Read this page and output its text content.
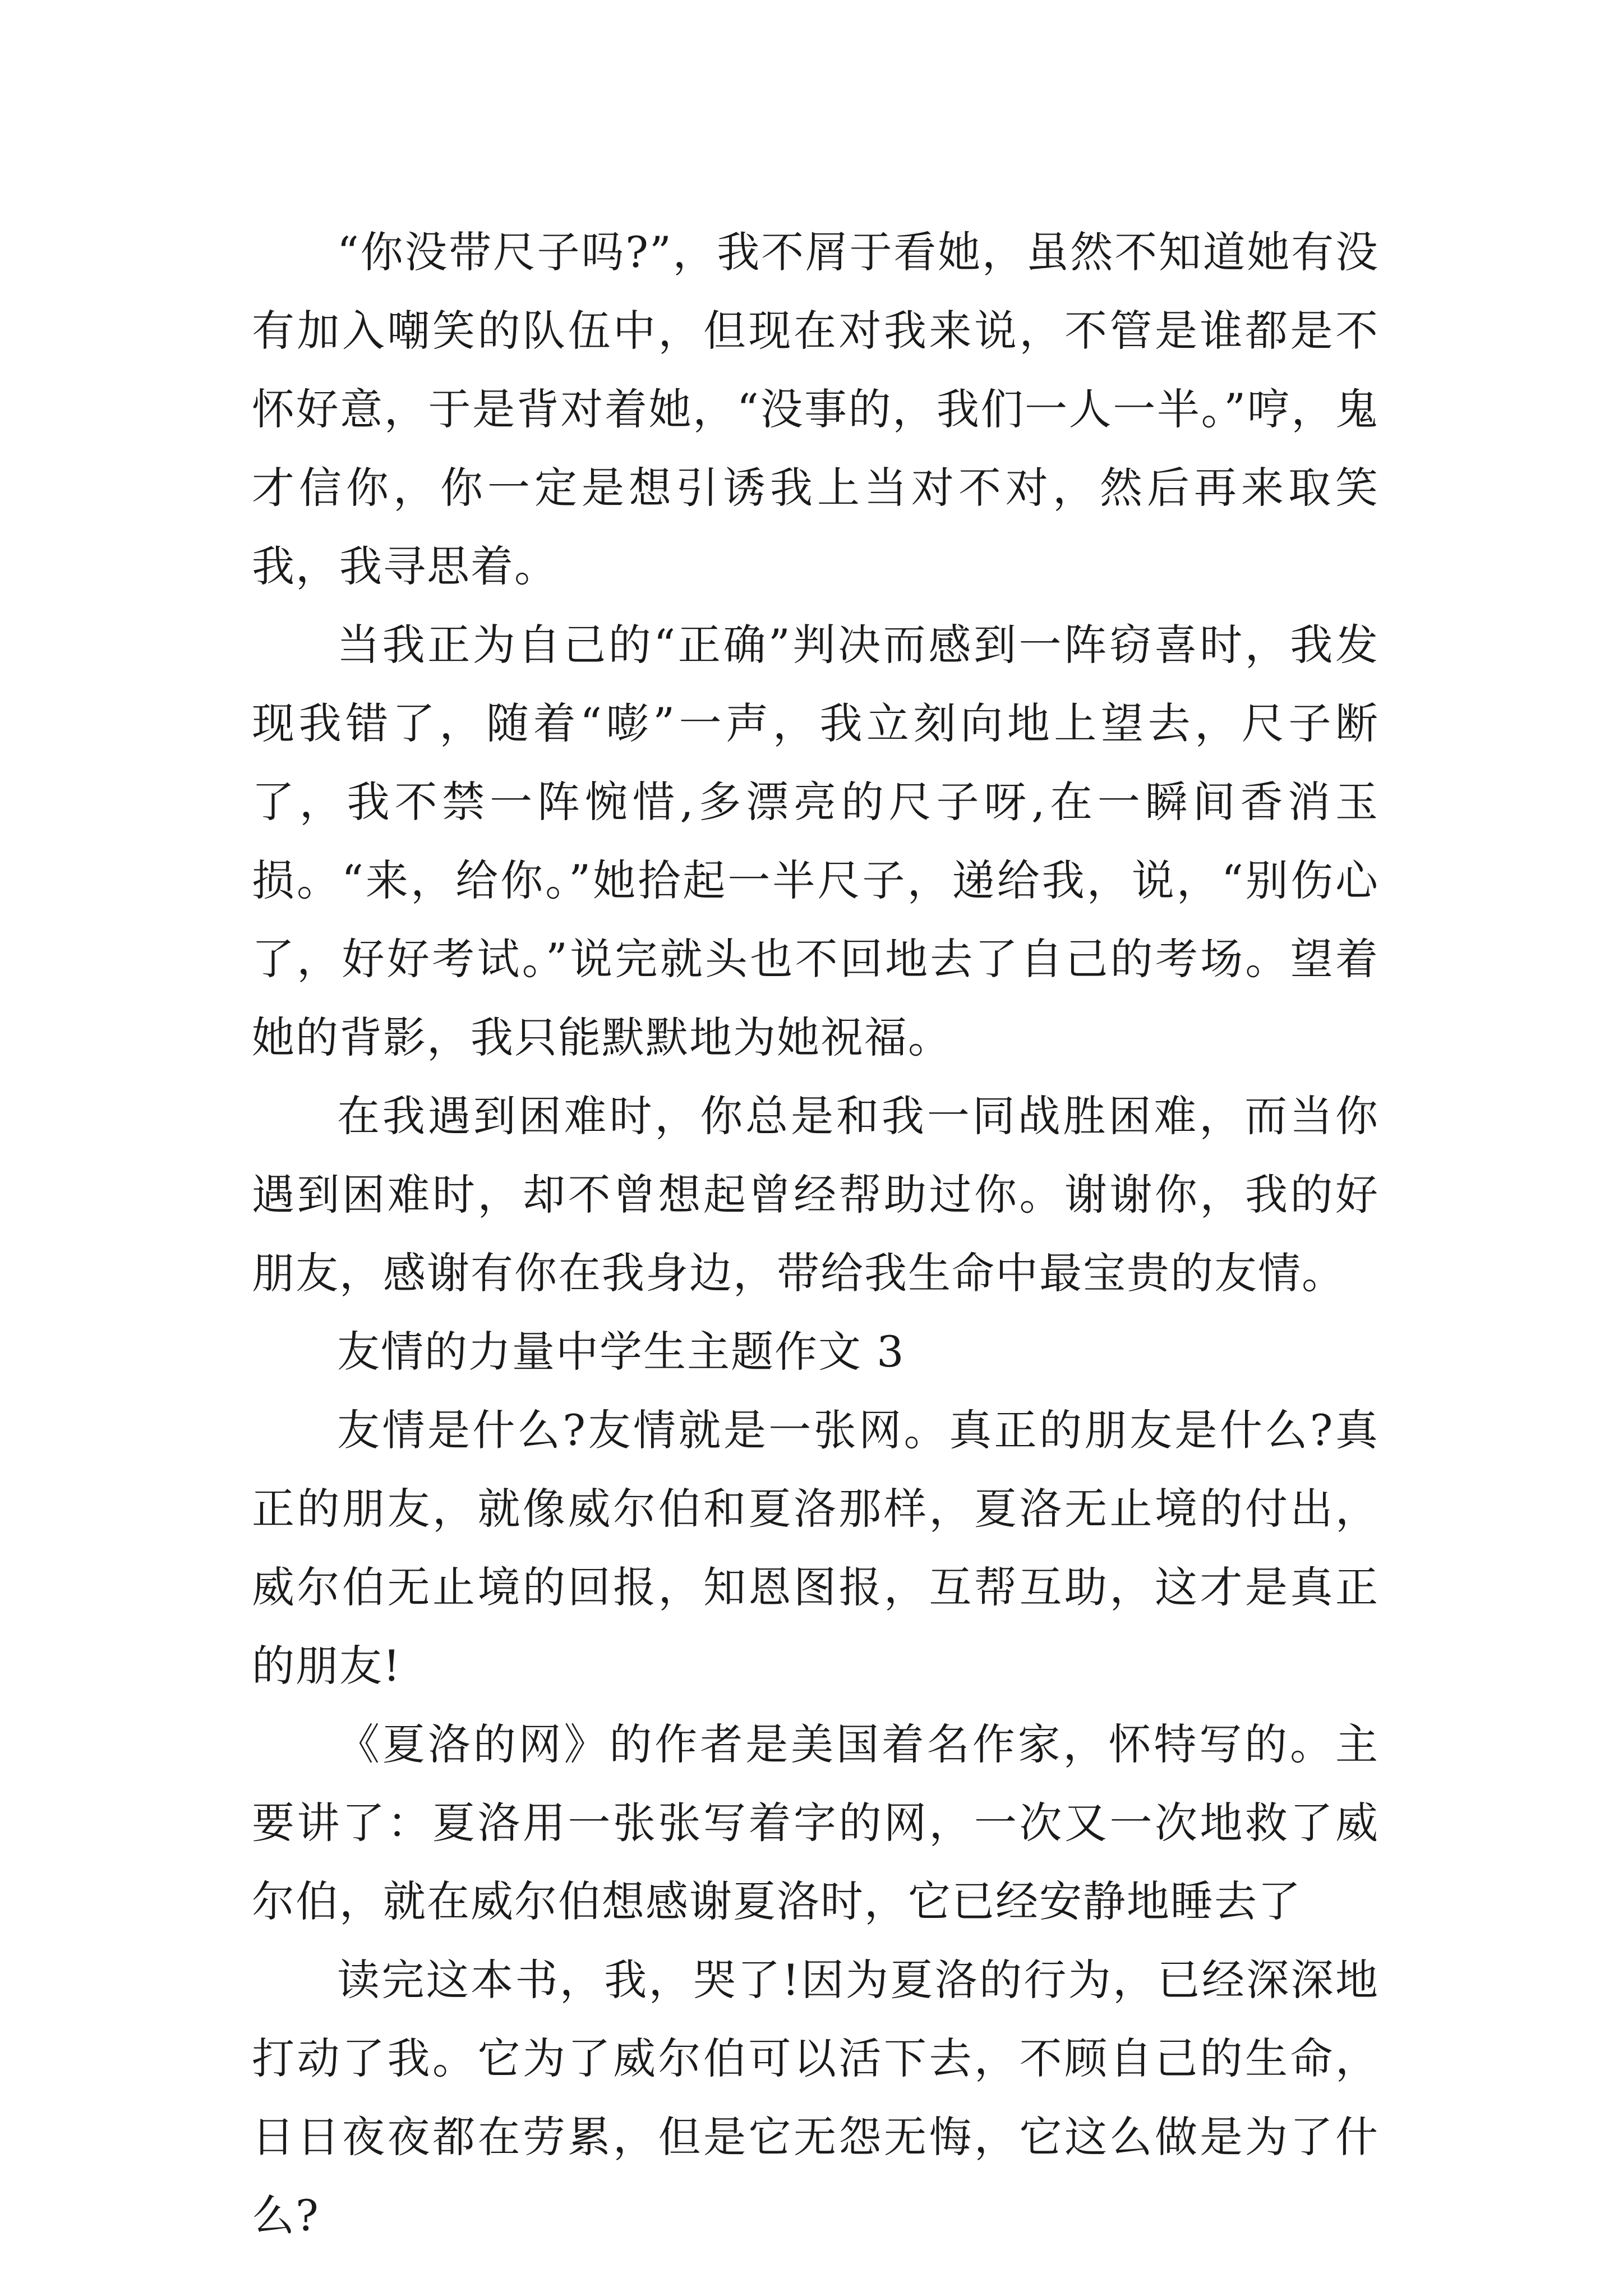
“你没带尺子吗?”，我不屑于看她，虽然不知道她有没有加入嘲笑的队伍中，但现在对我来说，不管是谁都是不怀好意，于是背对着她，“没事的，我们一人一半。”哼，鬼才信你，你一定是想引诱我上当对不对，然后再来取笑我，我寻思着。

当我正为自己的“正确”判决而感到一阵窃喜时，我发现我错了，随着“嘭”一声，我立刻向地上望去，尺子断了，我不禁一阵惋惜,多漂亮的尺子呀,在一瞬间香消玉损。“来，给你。”她拾起一半尺子，递给我，说，“别伤心了，好好考试。”说完就头也不回地去了自己的考场。望着她的背影，我只能默默地为她祝福。

在我遇到困难时，你总是和我一同战胜困难，而当你遇到困难时，却不曾想起曾经帮助过你。谢谢你，我的好朋友，感谢有你在我身边，带给我生命中最宝贵的友情。

友情的力量中学生主题作文 3

友情是什么?友情就是一张网。真正的朋友是什么?真正的朋友，就像威尔伯和夏洛那样，夏洛无止境的付出，威尔伯无止境的回报，知恩图报，互帮互助，这才是真正的朋友!

《夏洛的网》的作者是美国着名作家，怀特写的。主要讲了：夏洛用一张张写着字的网，一次又一次地救了威尔伯，就在威尔伯想感谢夏洛时，它已经安静地睡去了

读完这本书，我，哭了!因为夏洛的行为，已经深深地打动了我。它为了威尔伯可以活下去，不顾自己的生命，日日夜夜都在劳累，但是它无怨无悔，它这么做是为了什么?
